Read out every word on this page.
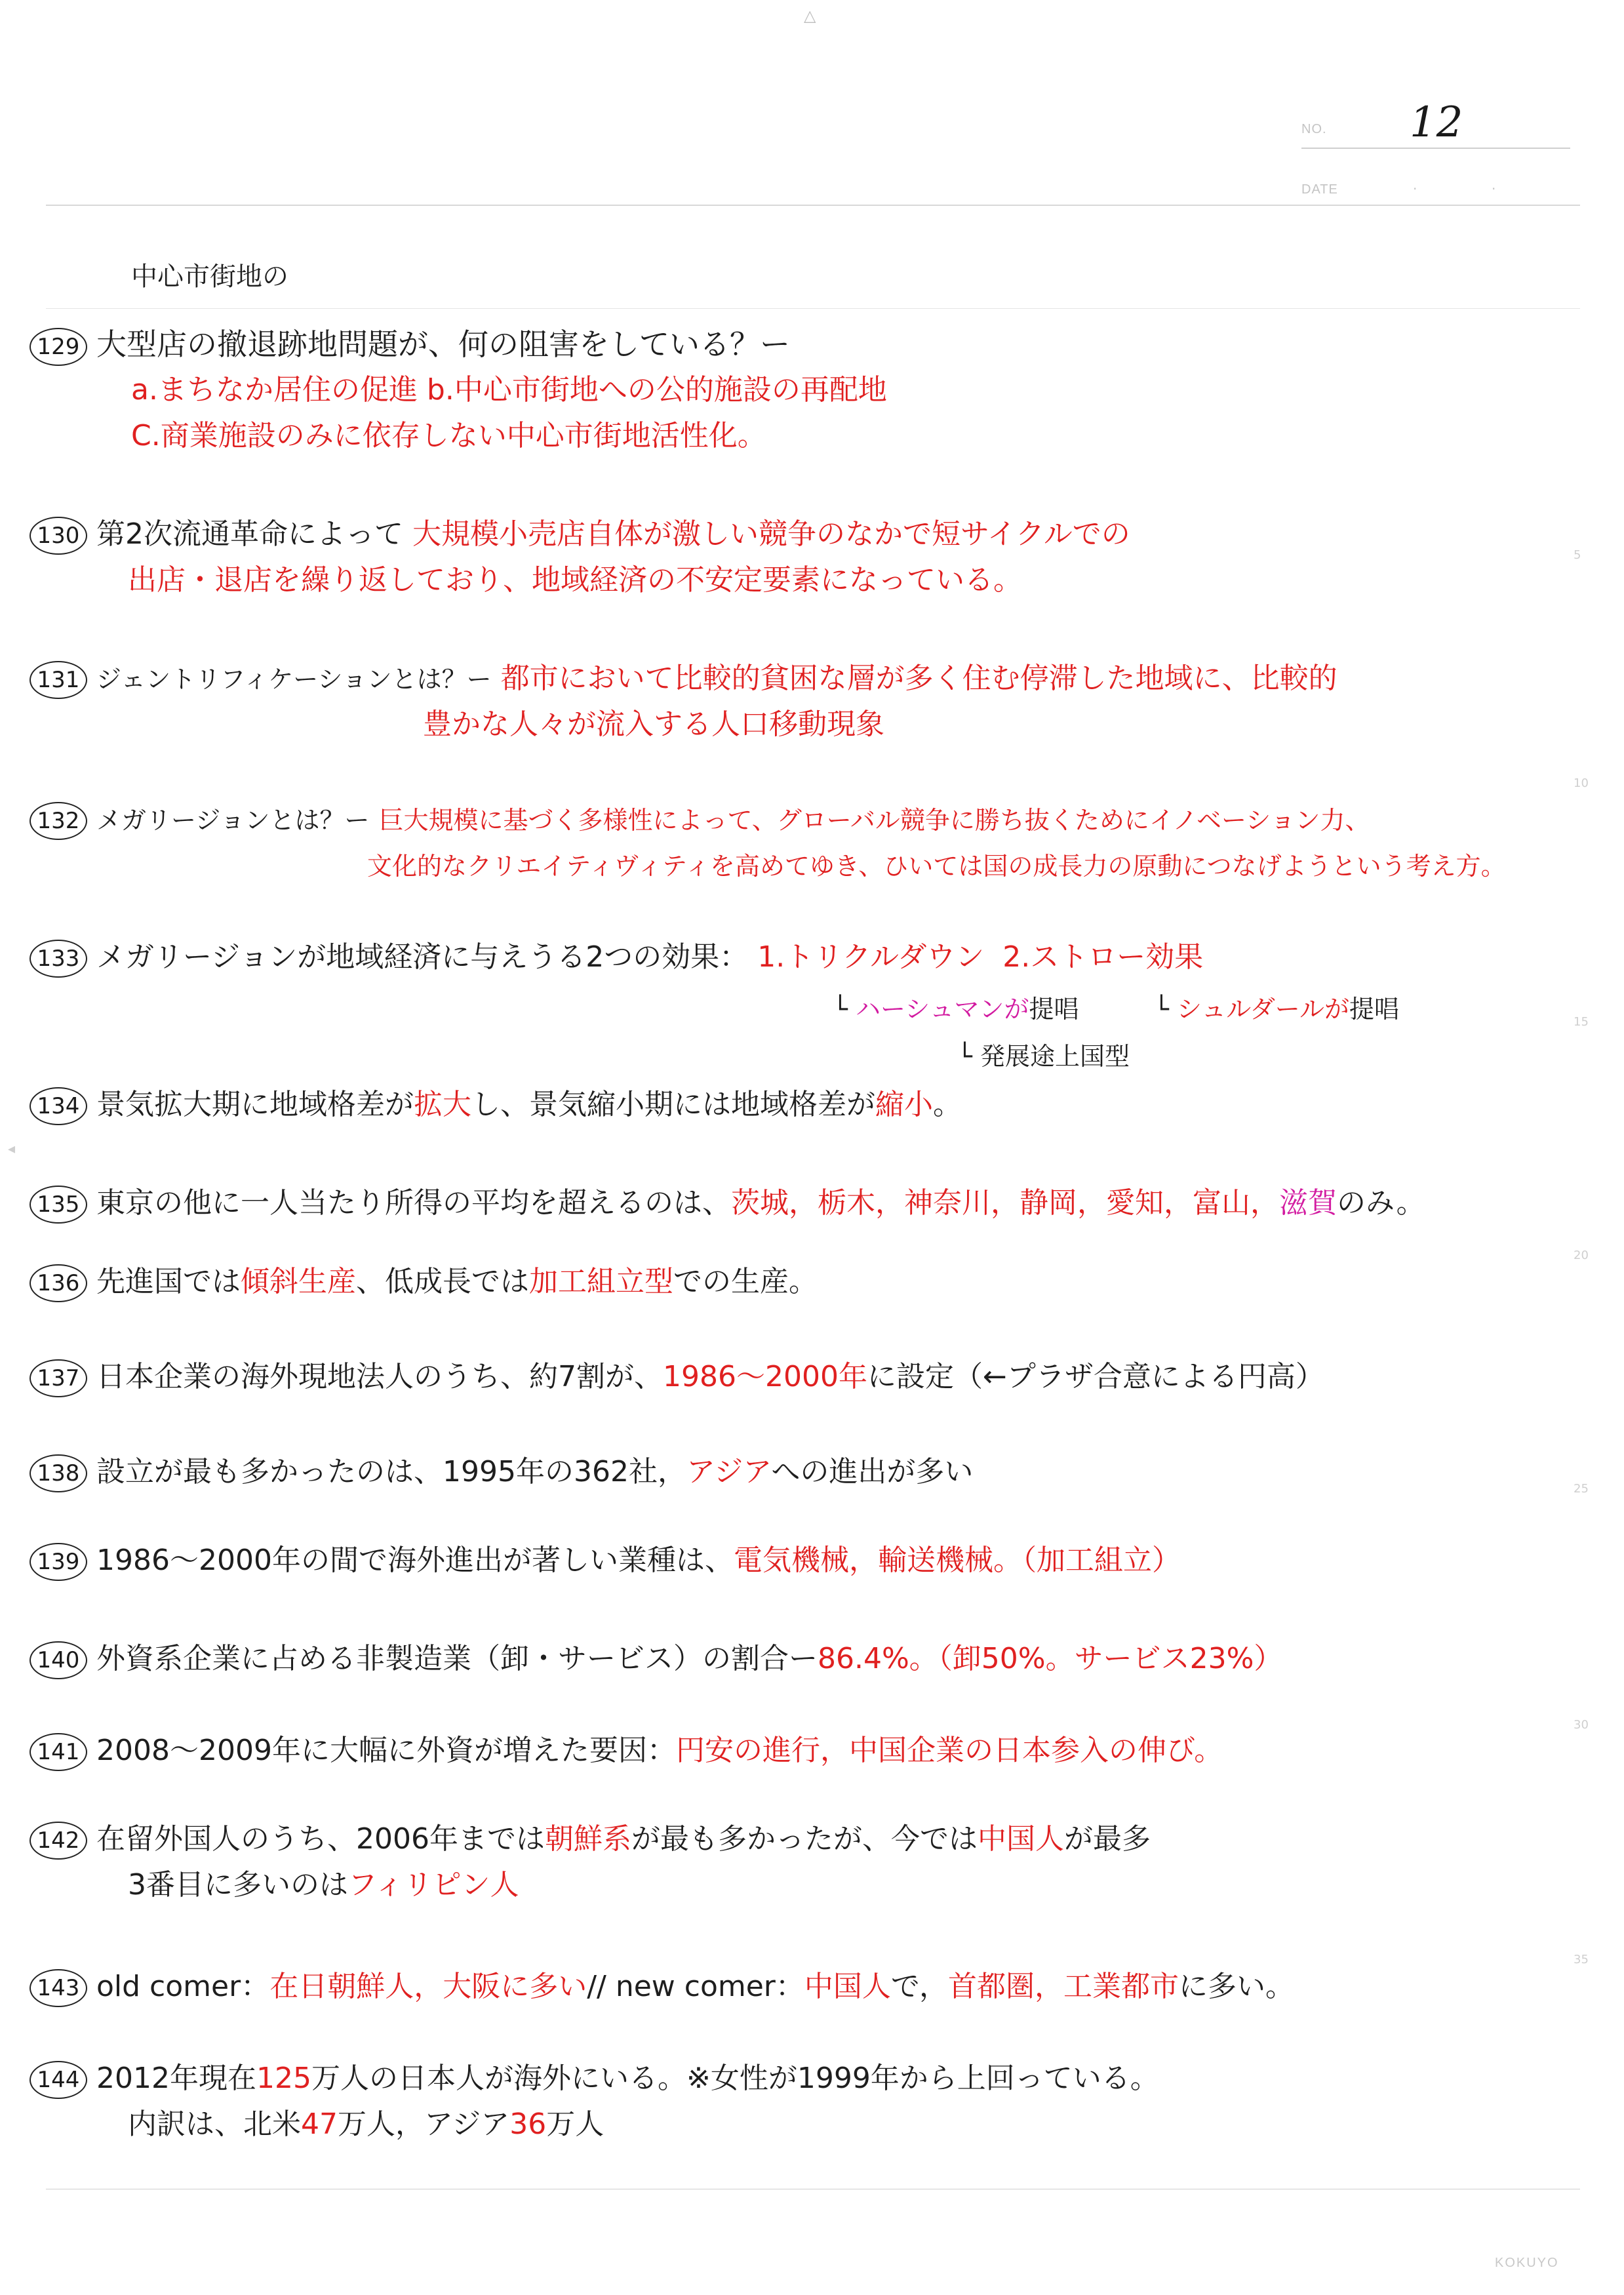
△
◂
NO. 12
DATE	·	·
5
10
15
20
25
30
35
中心市街地の
129 大型店の撤退跡地問題が、何の阻害をしている？ー
a.まちなか居住の促進 b.中心市街地への公的施設の再配地
C.商業施設のみに依存しない中心市街地活性化。
130 第2次流通革命によって 大規模小売店自体が激しい競争のなかで短サイクルでの
出店・退店を繰り返しており、地域経済の不安定要素になっている。
131 ジェントリフィケーションとは？ー 都市において比較的貧困な層が多く住む停滞した地域に、比較的
豊かな人々が流入する人口移動現象
132 メガリージョンとは？ー 巨大規模に基づく多様性によって、グローバル競争に勝ち抜くためにイノベーション力、
文化的なクリエイティヴィティを高めてゆき、ひいては国の成長力の原動につなげようという考え方。
133 メガリージョンが地域経済に与えうる2つの効果： 1.トリクルダウン 2.ストロー効果
└ ハーシュマンが提唱	└ シュルダールが提唱
└ 発展途上国型
134 景気拡大期に地域格差が拡大し、景気縮小期には地域格差が縮小。
135 東京の他に一人当たり所得の平均を超えるのは、茨城，栃木，神奈川，静岡，愛知，富山，滋賀のみ。
136 先進国では傾斜生産、低成長では加工組立型での生産。
137 日本企業の海外現地法人のうち、約7割が、1986〜2000年に設定（←プラザ合意による円高）
138 設立が最も多かったのは、1995年の362社，アジアへの進出が多い
139 1986〜2000年の間で海外進出が著しい業種は、電気機械，輸送機械。（加工組立）
140 外資系企業に占める非製造業（卸・サービス）の割合ー86.4%。（卸50%。サービス23%）
141 2008〜2009年に大幅に外資が増えた要因：円安の進行，中国企業の日本参入の伸び。
142 在留外国人のうち、2006年までは朝鮮系が最も多かったが、今では中国人が最多
3番目に多いのはフィリピン人
143 old comer：在日朝鮮人，大阪に多い// new comer：中国人で，首都圏，工業都市に多い。
144 2012年現在125万人の日本人が海外にいる。※女性が1999年から上回っている。
内訳は、北米47万人，アジア36万人
KOKUYO
